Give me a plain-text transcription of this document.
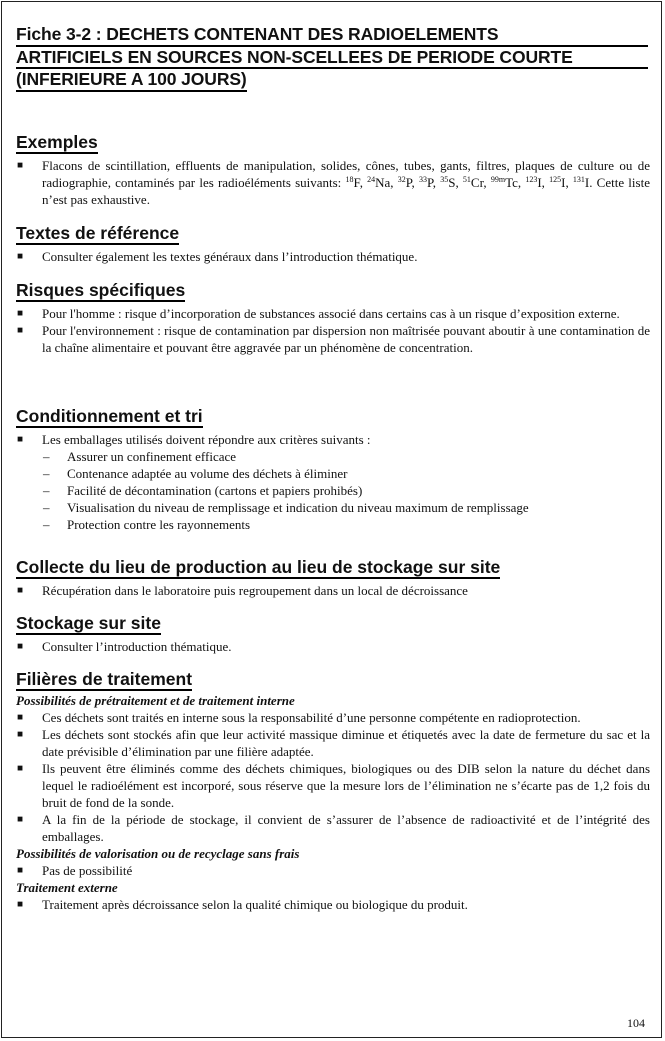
Fiche 3-2 : DECHETS CONTENANT DES RADIOELEMENTS
ARTIFICIELS EN SOURCES NON-SCELLEES DE PERIODE COURTE
(INFERIEURE A 100 JOURS)
Exemples
■ Flacons de scintillation, effluents de manipulation, solides, cônes, tubes, gants, filtres, plaques de culture ou de radiographie, contaminés par les radioéléments suivants: $^{18}$F, $^{24}$Na, $^{32}$P, $^{33}$P, $^{35}$S, $^{51}$Cr, $^{99m}$Tc, $^{123}$I, $^{125}$I, $^{131}$I. Cette liste n’est pas exhaustive.
Textes de référence
■ Consulter également les textes généraux dans l’introduction thématique.
Risques spécifiques
■ Pour l'homme : risque d’incorporation de substances associé dans certains cas à un risque d’exposition externe.
■ Pour l'environnement : risque de contamination par dispersion non maîtrisée pouvant aboutir à une contamination de la chaîne alimentaire et pouvant être aggravée par un phénomène de concentration.
Conditionnement et tri
■ Les emballages utilisés doivent répondre aux critères suivants :
– Assurer un confinement efficace
– Contenance adaptée au volume des déchets à éliminer
– Facilité de décontamination (cartons et papiers prohibés)
– Visualisation du niveau de remplissage et indication du niveau maximum de remplissage
– Protection contre les rayonnements
Collecte du lieu de production au lieu de stockage sur site
■ Récupération dans le laboratoire puis regroupement dans un local de décroissance
Stockage sur site
■ Consulter l’introduction thématique.
Filières de traitement
Possibilités de prétraitement et de traitement interne
■ Ces déchets sont traités en interne sous la responsabilité d’une personne compétente en radioprotection.
■ Les déchets sont stockés afin que leur activité massique diminue et étiquetés avec la date de fermeture du sac et la date prévisible d’élimination par une filière adaptée.
■ Ils peuvent être éliminés comme des déchets chimiques, biologiques ou des DIB selon la nature du déchet dans lequel le radioélément est incorporé, sous réserve que la mesure lors de l’élimination ne s’écarte pas de 1,2 fois du bruit de fond de la sonde.
■ A la fin de la période de stockage, il convient de s’assurer de l’absence de radioactivité et de l’intégrité des emballages.
Possibilités de valorisation ou de recyclage sans frais
■ Pas de possibilité
Traitement externe
■ Traitement après décroissance selon la qualité chimique ou biologique du produit.
104
